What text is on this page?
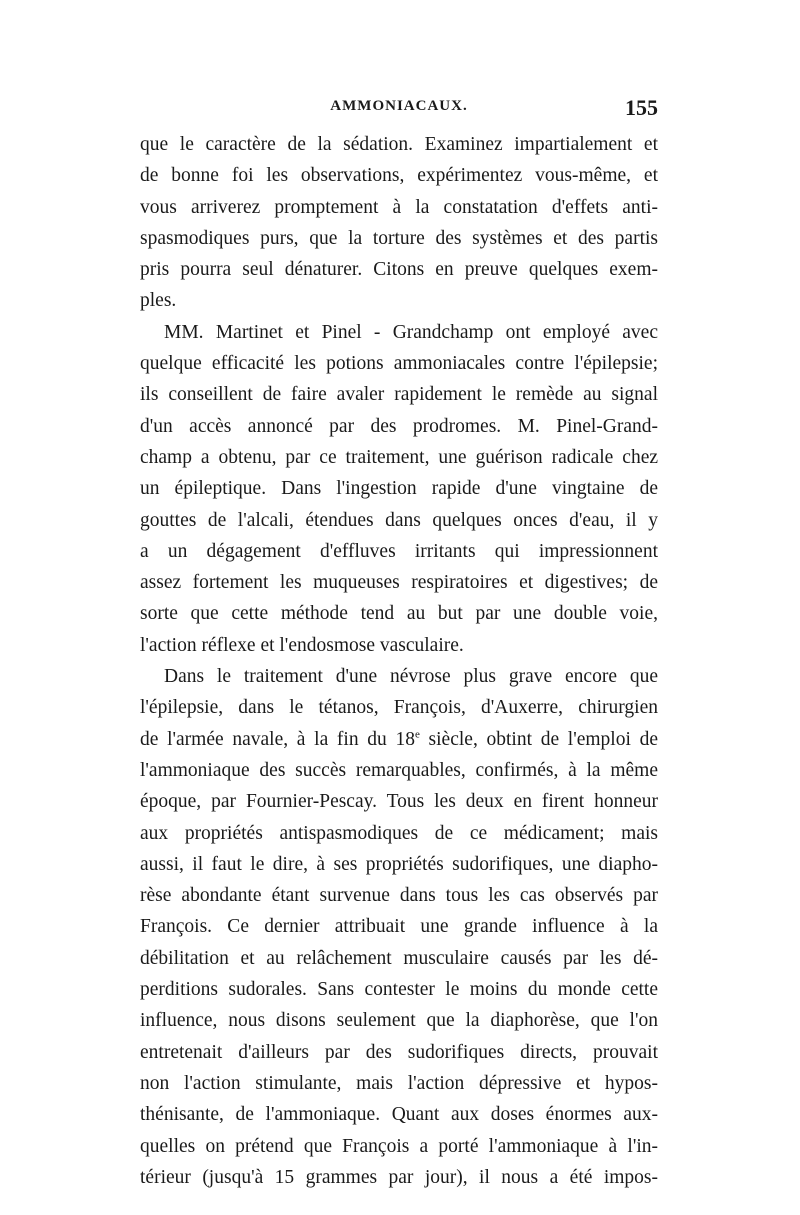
AMMONIACAUX.	155
que le caractère de la sédation. Examinez impartialement et
de bonne foi les observations, expérimentez vous-même, et
vous arriverez promptement à la constatation d'effets anti-
spasmodiques purs, que la torture des systèmes et des partis
pris pourra seul dénaturer. Citons en preuve quelques exem-
ples.
MM. Martinet et Pinel - Grandchamp ont employé avec
quelque efficacité les potions ammoniacales contre l'épilepsie;
ils conseillent de faire avaler rapidement le remède au signal
d'un accès annoncé par des prodromes. M. Pinel-Grand-
champ a obtenu, par ce traitement, une guérison radicale chez
un épileptique. Dans l'ingestion rapide d'une vingtaine de
gouttes de l'alcali, étendues dans quelques onces d'eau, il y
a un dégagement d'effluves irritants qui impressionnent
assez fortement les muqueuses respiratoires et digestives; de
sorte que cette méthode tend au but par une double voie,
l'action réflexe et l'endosmose vasculaire.
Dans le traitement d'une névrose plus grave encore que
l'épilepsie, dans le tétanos, François, d'Auxerre, chirurgien
de l'armée navale, à la fin du 18e siècle, obtint de l'emploi de
l'ammoniaque des succès remarquables, confirmés, à la même
époque, par Fournier-Pescay. Tous les deux en firent honneur
aux propriétés antispasmodiques de ce médicament; mais
aussi, il faut le dire, à ses propriétés sudorifiques, une diapho-
rèse abondante étant survenue dans tous les cas observés par
François. Ce dernier attribuait une grande influence à la
débilitation et au relâchement musculaire causés par les dé-
perditions sudorales. Sans contester le moins du monde cette
influence, nous disons seulement que la diaphorèse, que l'on
entretenait d'ailleurs par des sudorifiques directs, prouvait
non l'action stimulante, mais l'action dépressive et hypos-
thénisante, de l'ammoniaque. Quant aux doses énormes aux-
quelles on prétend que François a porté l'ammoniaque à l'in-
térieur (jusqu'à 15 grammes par jour), il nous a été impos-
